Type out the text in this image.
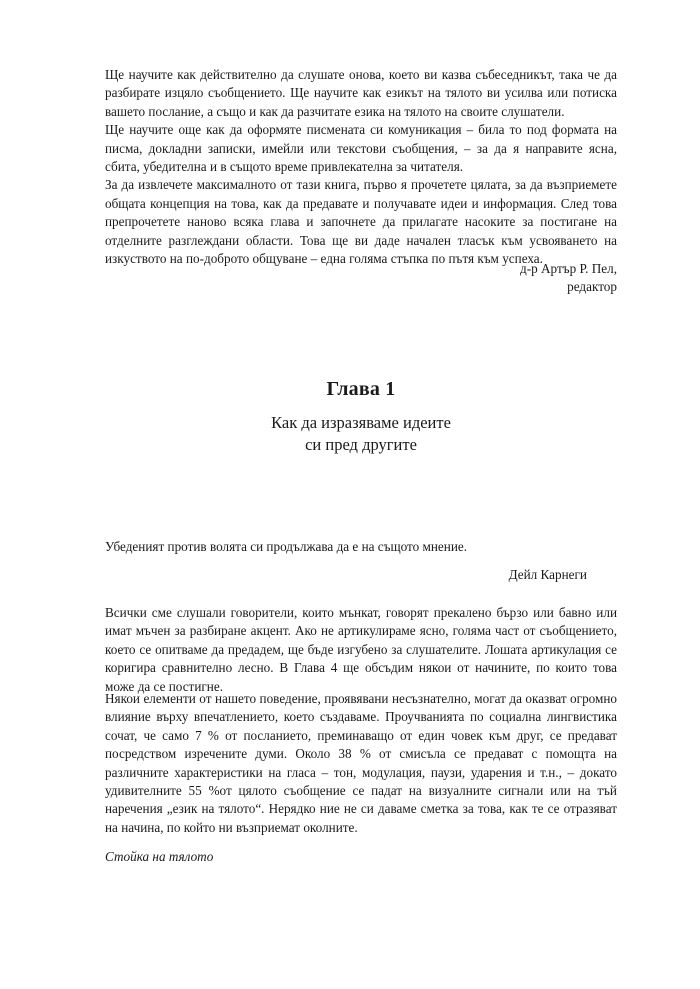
Ще научите как действително да слушате онова, което ви казва събеседникът, така че да разбирате изцяло съобщението. Ще научите как езикът на тялото ви усилва или потиска вашето послание, а също и как да разчитате езика на тялото на своите слушатели.

Ще научите още как да оформяте писмената си комуникация – била то под формата на писма, докладни записки, имейли или текстови съобщения, – за да я направите ясна, сбита, убедителна и в същото време привлекателна за читателя.

За да извлечете максималното от тази книга, първо я прочетете цялата, за да възприемете общата концепция на това, как да предавате и получавате идеи и информация. След това препрочетете наново всяка глава и започнете да прилагате насоките за постигане на отделните разглеждани области. Това ще ви даде начален тласък към усвояването на изкуството на по-доброто общуване – една голяма стъпка по пътя към успеха.

д-р Артър Р. Пел,
редактор
Глава 1
Как да изразяваме идеите
си пред другите
Убеденият против волята си продължава да е на същото мнение.
Дейл Карнеги

Всички сме слушали говорители, които мънкат, говорят прекалено бързо или бавно или имат мъчен за разбиране акцент. Ако не артикулираме ясно, голяма част от съобщението, което се опитваме да предадем, ще бъде изгубено за слушателите. Лошата артикулация се коригира сравнително лесно. В Глава 4 ще обсъдим някои от начините, по които това може да се постигне.

Някои елементи от нашето поведение, проявявани несъзнателно, могат да оказват огромно влияние върху впечатлението, което създаваме. Проучванията по социална лингвистика сочат, че само 7 % от посланието, преминаващо от един човек към друг, се предават посредством изречените думи. Около 38 % от смисъла се предават с помощта на различните характеристики на гласа – тон, модулация, паузи, ударения и т.н., – докато удивителните 55 %от цялото съобщение се падат на визуалните сигнали или на тъй наречения „език на тялото“. Нерядко ние не си даваме сметка за това, как те се отразяват на начина, по който ни възприемат околните.

Стойка на тялото
